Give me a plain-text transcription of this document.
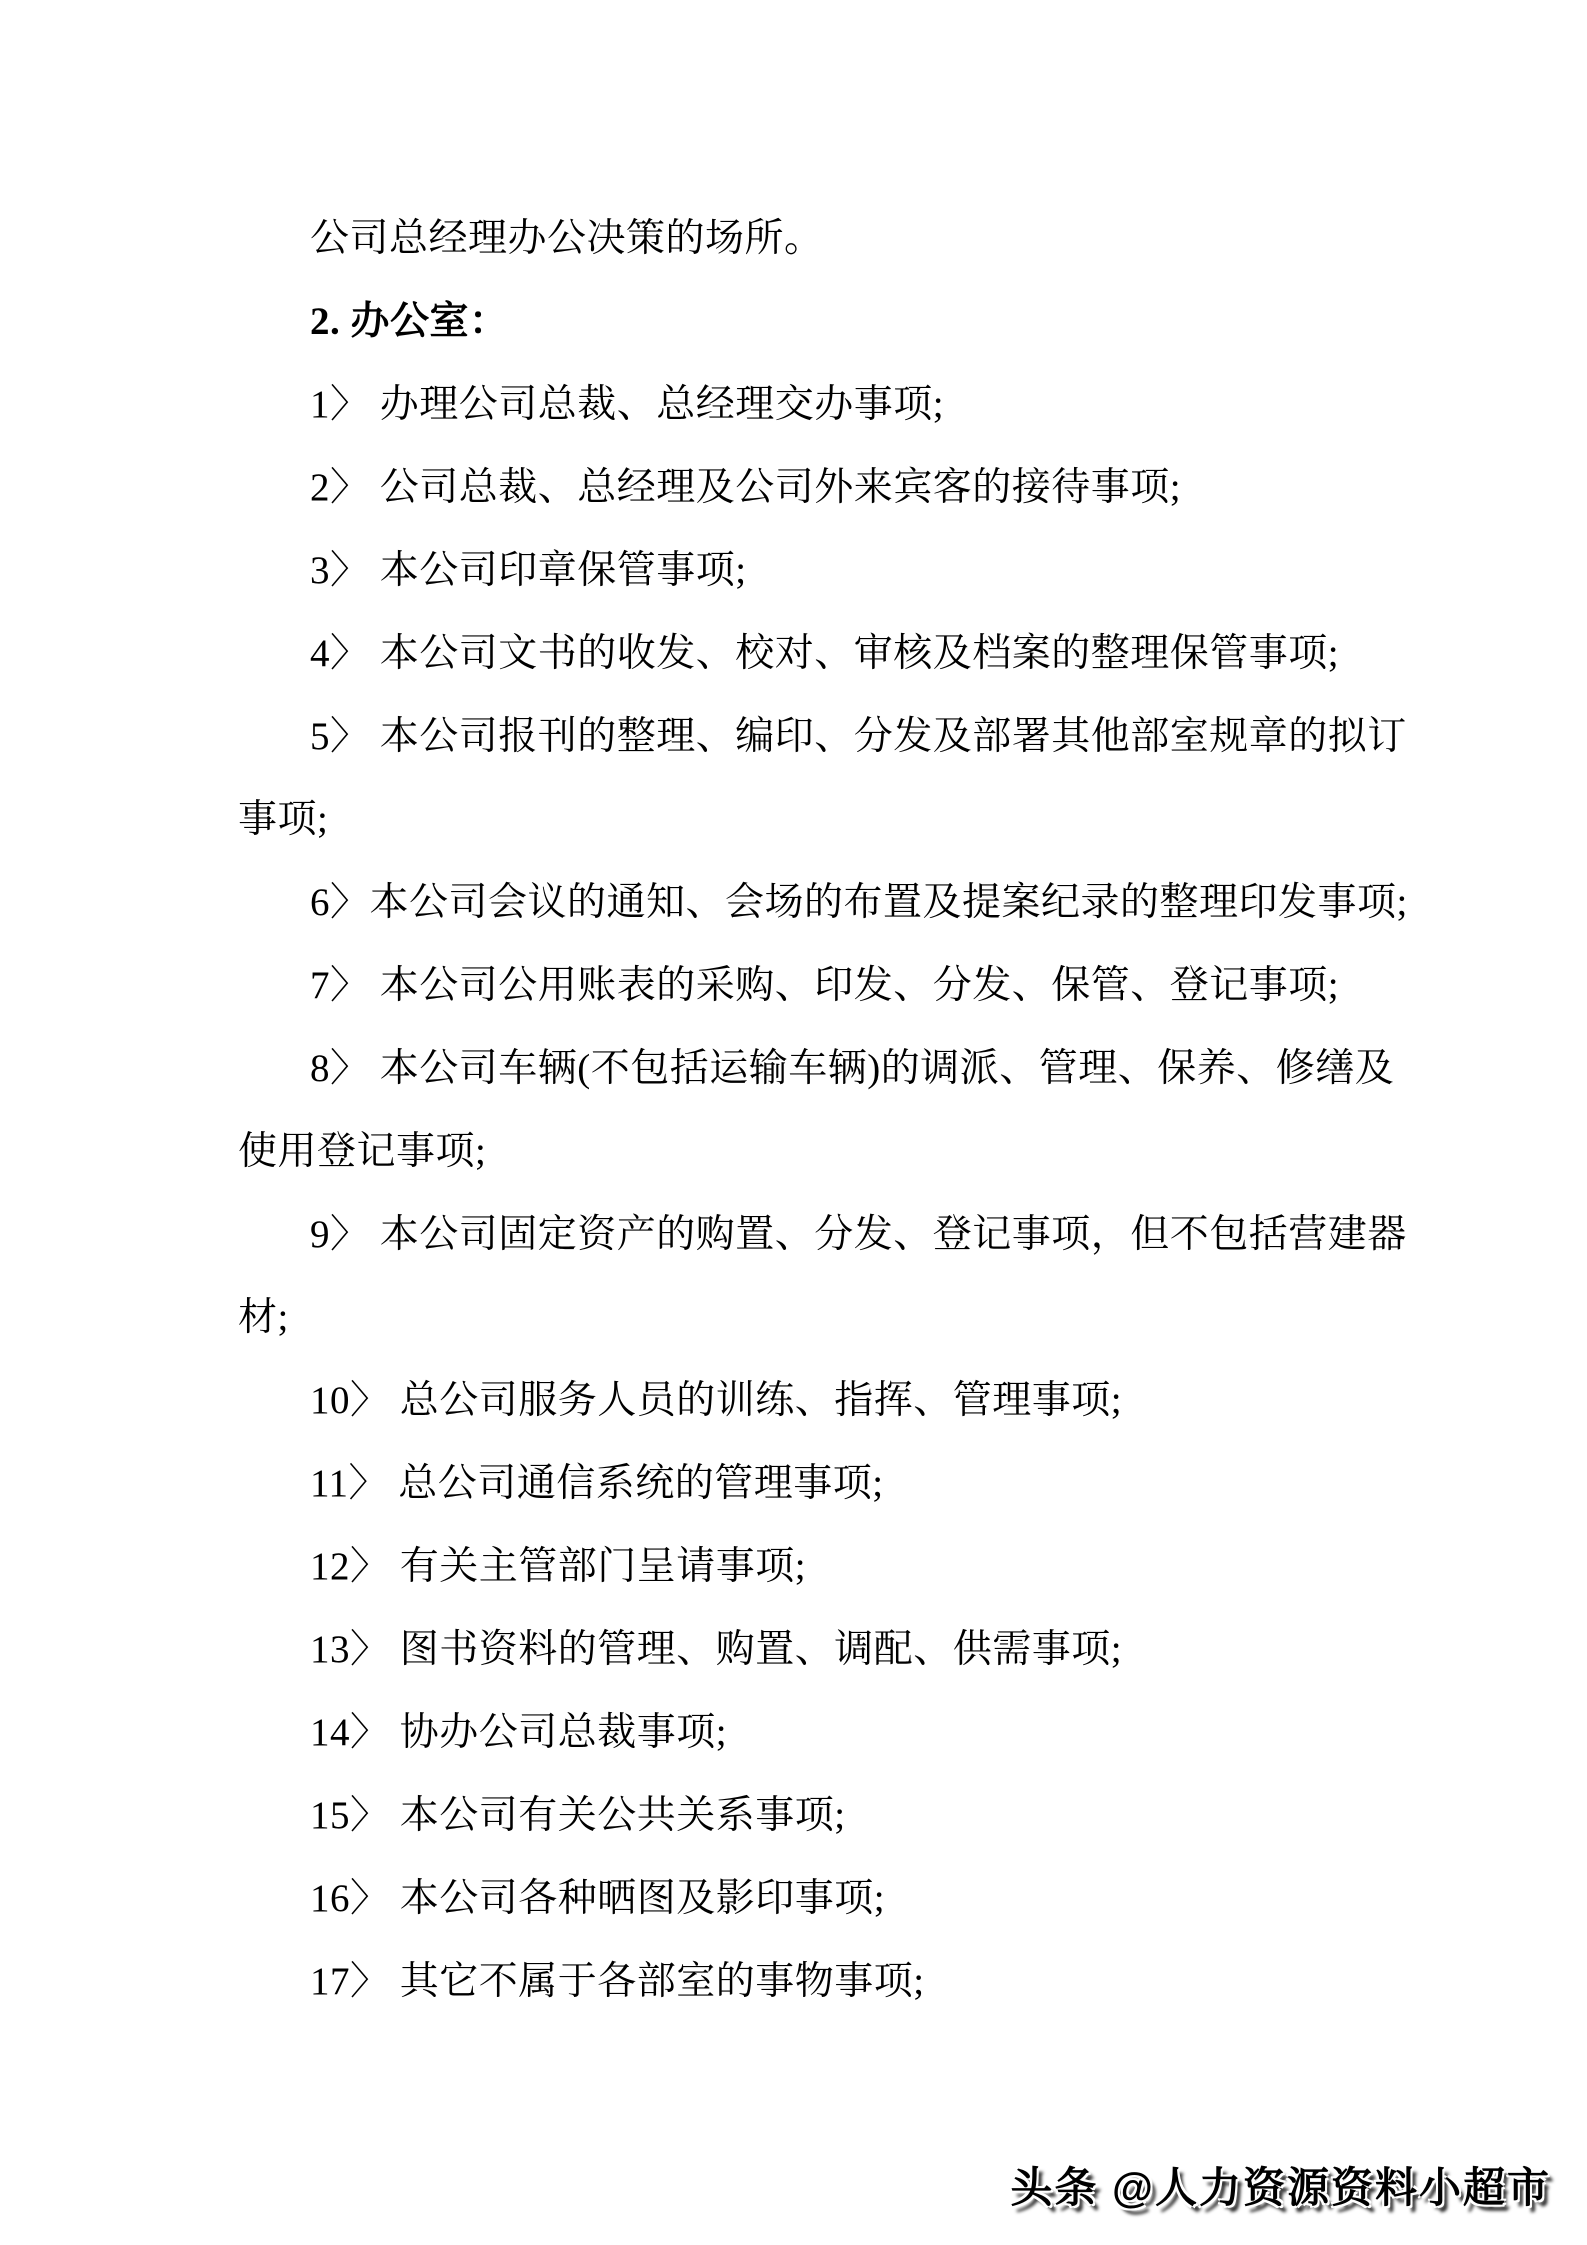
公司总经理办公决策的场所。
2. 办公室：
1〉 办理公司总裁、总经理交办事项;
2〉 公司总裁、总经理及公司外来宾客的接待事项;
3〉 本公司印章保管事项;
4〉 本公司文书的收发、校对、审核及档案的整理保管事项;
5〉 本公司报刊的整理、编印、分发及部署其他部室规章的拟订
事项;
6〉本公司会议的通知、会场的布置及提案纪录的整理印发事项;
7〉 本公司公用账表的采购、印发、分发、保管、登记事项;
8〉 本公司车辆(不包括运输车辆)的调派、管理、保养、修缮及
使用登记事项;
9〉 本公司固定资产的购置、分发、登记事项，但不包括营建器
材;
10〉 总公司服务人员的训练、指挥、管理事项;
11〉 总公司通信系统的管理事项;
12〉 有关主管部门呈请事项;
13〉 图书资料的管理、购置、调配、供需事项;
14〉 协办公司总裁事项;
15〉 本公司有关公共关系事项;
16〉 本公司各种晒图及影印事项;
17〉 其它不属于各部室的事物事项;
头条 @人力资源资料小超市
